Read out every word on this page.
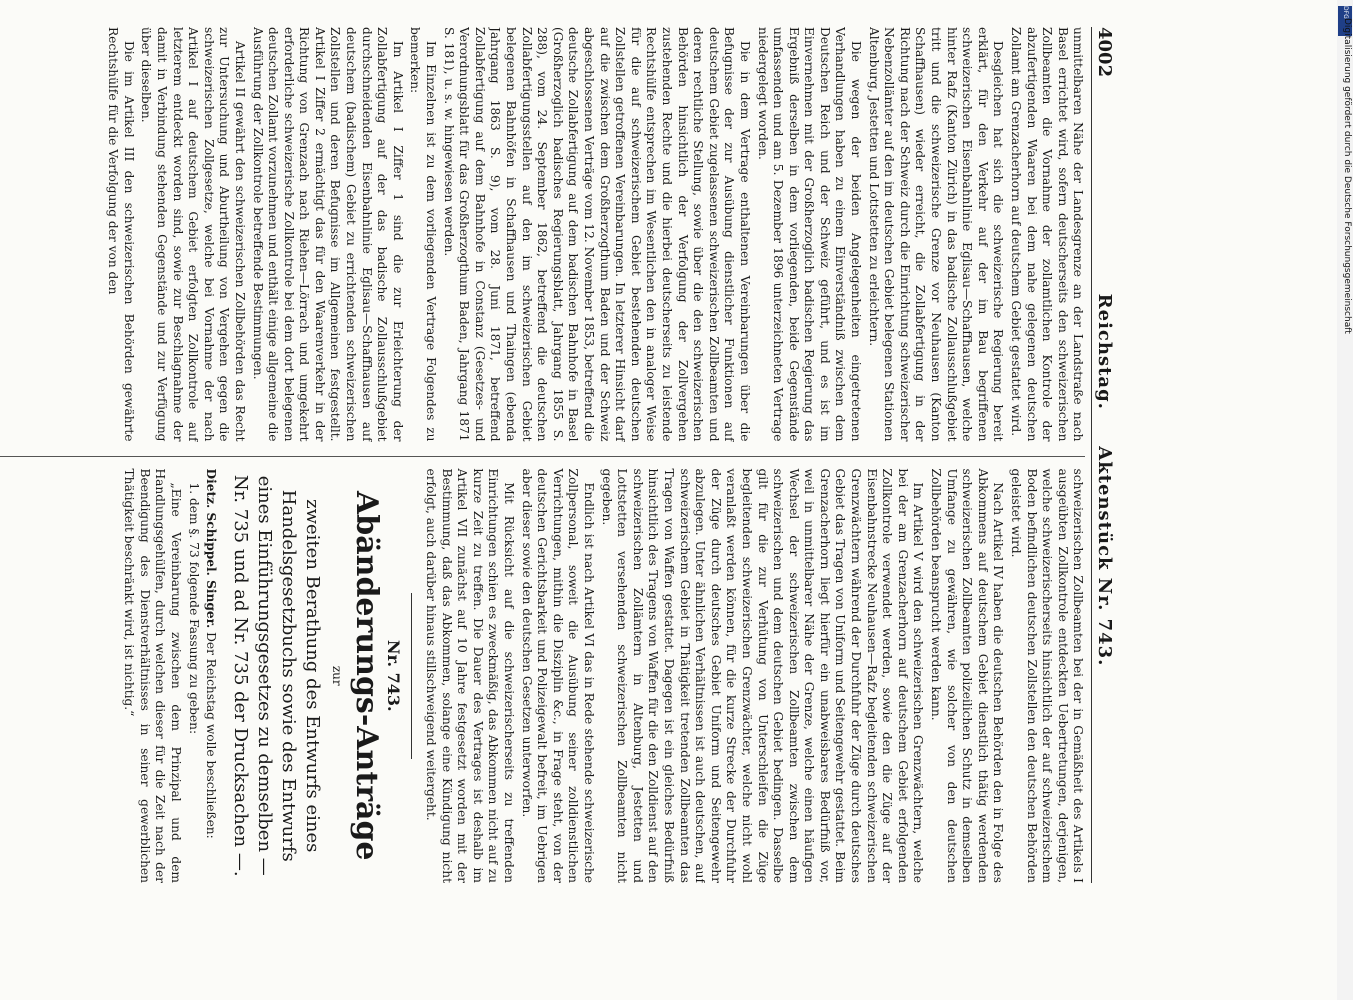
4002
Reichstag.     Aktenstück Nr. 743.

unmittelbaren Nähe der Landesgrenze an der Landstraße nach Basel errichtet wird, sofern deutscherseits den schweizerischen Zollbeamten die Vornahme der zollamtlichen Kontrole der abzufertigenden Waaren bei dem nahe gelegenen deutschen Zollamt am Grenzacherhorn auf deutschem Gebiet gestattet wird.

Desgleichen hat sich die schweizerische Regierung bereit erklärt, für den Verkehr auf der im Bau begriffenen schweizerischen Eisenbahnlinie Eglisau—Schaffhausen, welche hinter Rafz (Kanton Zürich) in das badische Zollausschlußgebiet tritt und die schweizerische Grenze vor Neuhausen (Kanton Schaffhausen) wieder erreicht, die Zollabfertigung in der Richtung nach der Schweiz durch die Einrichtung schweizerischer Nebenzollämter auf den im deutschen Gebiet belegenen Stationen Altenburg, Jestetten und Lottstetten zu erleichtern.

Die wegen der beiden Angelegenheiten eingetretenen Verhandlungen haben zu einem Einverständniß zwischen dem Deutschen Reich und der Schweiz geführt, und es ist im Einvernehmen mit der Großherzoglich badischen Regierung das Ergebniß derselben in dem vorliegenden, beide Gegenstände umfassenden und am 5. Dezember 1896 unterzeichneten Vertrage niedergelegt worden.

Die in dem Vertrage enthaltenen Vereinbarungen über die Befugnisse der zur Ausübung dienstlicher Funktionen auf deutschem Gebiet zugelassenen schweizerischen Zollbeamten und deren rechtliche Stellung, sowie über die den schweizerischen Behörden hinsichtlich der Verfolgung der Zollvergehen zustehenden Rechte und die hierbei deutscherseits zu leistende Rechtshülfe entsprechen im Wesentlichen den in analoger Weise für die auf schweizerischem Gebiet bestehenden deutschen Zollstellen getroffenen Vereinbarungen. In letzterer Hinsicht darf auf die zwischen dem Großherzogthum Baden und der Schweiz abgeschlossenen Verträge vom 12. November 1853, betreffend die deutsche Zollabfertigung auf dem badischen Bahnhofe in Basel (Großherzoglich badisches Regierungsblatt, Jahrgang 1855 S. 288), vom 24. September 1862, betreffend die deutschen Zollabfertigungsstellen auf den im schweizerischen Gebiet belegenen Bahnhöfen in Schaffhausen und Thaingen (ebenda Jahrgang 1863 S. 9), vom 28. Juni 1871, betreffend Zollabfertigung auf dem Bahnhofe in Constanz (Gesetzes- und Verordnungsblatt für das Großherzogthum Baden, Jahrgang 1871 S. 181), u. s. w. hingewiesen werden.

Im Einzelnen ist zu dem vorliegenden Vertrage Folgendes zu bemerken:

Im Artikel I Ziffer 1 sind die zur Erleichterung der Zollabfertigung auf der das badische Zollausschlußgebiet durchschneidenden Eisenbahnlinie Eglisau—Schaffhausen auf deutschem (badischem) Gebiet zu errichtenden schweizerischen Zollstellen und deren Befugnisse im Allgemeinen festgestellt. Artikel I Ziffer 2 ermächtigt das für den Waarenverkehr in der Richtung von Grenzach nach Riehen—Lörrach und umgekehrt erforderliche schweizerische Zollkontrole bei dem dort belegenen deutschen Zollamt vorzunehmen und enthält einige allgemeine die Ausführung der Zollkontrole betreffende Bestimmungen.

Artikel II gewährt den schweizerischen Zollbehörden das Recht zur Untersuchung und Aburtheilung von Vergehen gegen die schweizerischen Zollgesetze, welche bei Vornahme der nach Artikel I auf deutschem Gebiet erfolgten Zollkontrole auf letzterem entdeckt worden sind, sowie zur Beschlagnahme der damit in Verbindung stehenden Gegenstände und zur Verfügung über dieselben.

Die im Artikel III den schweizerischen Behörden gewährte Rechtshülfe für die Verfolgung der von den

schweizerischen Zollbeamten bei der in Gemäßheit des Artikels I ausgeübten Zollkontrole entdeckten Uebertretungen, derjenigen, welche schweizerischerseits hinsichtlich der auf schweizerischem Boden befindlichen deutschen Zollstellen den deutschen Behörden geleistet wird.

Nach Artikel IV haben die deutschen Behörden den in Folge des Abkommens auf deutschem Gebiet dienstlich thätig werdenden schweizerischen Zollbeamten polizeilichen Schutz in demselben Umfange zu gewähren, wie solcher von den deutschen Zollbehörden beansprucht werden kann.

Im Artikel V wird den schweizerischen Grenzwächtern, welche bei der am Grenzacherhorn auf deutschem Gebiet erfolgenden Zollkontrole verwendet werden, sowie den die Züge auf der Eisenbahnstrecke Neuhausen—Rafz begleitenden schweizerischen Grenzwächtern während der Durchfuhr der Züge durch deutsches Gebiet das Tragen von Uniform und Seitengewehr gestattet. Beim Grenzacherhorn liegt hierfür ein unabweisbares Bedürfniß vor, weil in unmittelbarer Nähe der Grenze, welche einen häufigen Wechsel der schweizerischen Zollbeamten zwischen dem schweizerischen und dem deutschen Gebiet bedingen. Dasselbe gilt für die zur Verhütung von Unterschleifen die Züge begleitenden schweizerischen Grenzwächter, welche nicht wohl veranlaßt werden können, für die kurze Strecke der Durchfuhr der Züge durch deutsches Gebiet Uniform und Seitengewehr abzulegen. Unter ähnlichen Verhältnissen ist auch deutschen, auf schweizerischem Gebiet in Thätigkeit tretenden Zollbeamten das Tragen von Waffen gestattet. Dagegen ist ein gleiches Bedürfniß hinsichtlich des Tragens von Waffen für die den Zolldienst auf den schweizerischen Zollämtern in Altenburg, Jestetten und Lottstetten versehenden schweizerischen Zollbeamten nicht gegeben.

Endlich ist nach Artikel VI das in Rede stehende schweizerische Zollpersonal, soweit die Ausübung seiner zolldienstlichen Verrichtungen, mithin die Disziplin &c., in Frage steht, von der deutschen Gerichtsbarkeit und Polizeigewalt befreit, im Uebrigen aber dieser sowie den deutschen Gesetzen unterworfen.

Mit Rücksicht auf die schweizerischerseits zu treffenden Einrichtungen schien es zweckmäßig, das Abkommen nicht auf zu kurze Zeit zu treffen. Die Dauer des Vertrages ist deshalb im Artikel VII zunächst auf 10 Jahre festgesetzt worden mit der Bestimmung, daß das Abkommen, solange eine Kündigung nicht erfolgt, auch darüber hinaus stillschweigend weitergeht.

Nr. 743.
Abänderungs-Anträge
zur
zweiten Berathung des Entwurfs eines Handelsgesetzbuchs sowie des Entwurfs eines Einführungsgesetzes zu demselben — Nr. 735 und ad Nr. 735 der Drucksachen —.

Dietz. Schippel. Singer. Der Reichstag wolle beschließen:

1. dem §. 73 folgende Fassung zu geben:

„Eine Vereinbarung zwischen dem Prinzipal und dem Handlungsgehülfen, durch welchen dieser für die Zeit nach der Beendigung des Dienstverhältnisses in seiner gewerblichen Thätigkeit beschränkt wird, ist nichtig.“

DFG
Digitalisierung gefördert durch die Deutsche Forschungsgemeinschaft
